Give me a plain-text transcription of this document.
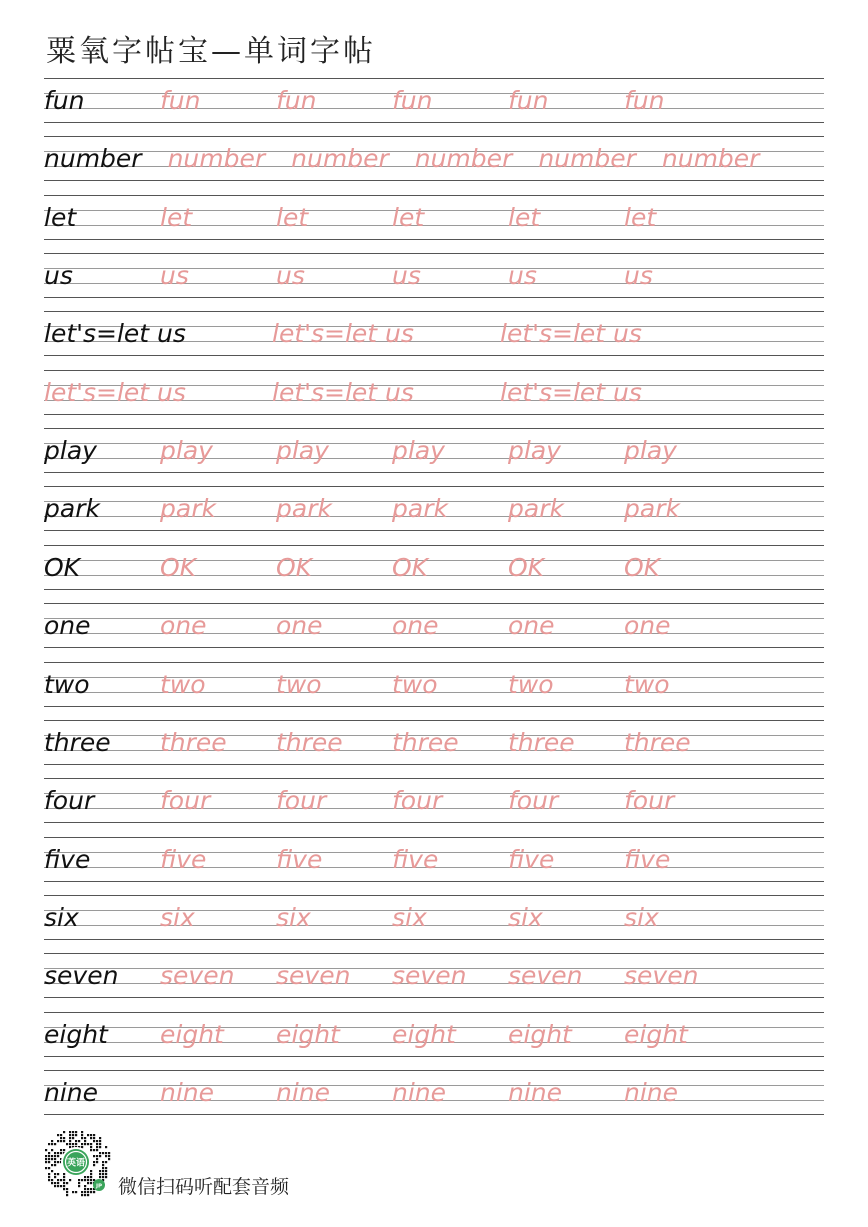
粟氧字帖宝—单词字帖
fun	fun	fun	fun	fun	fun
number number number number number number
let	let	let	let	let	let
us	us	us	us	us	us
let's=let us	let's=let us	let's=let us
let's=let us	let's=let us	let's=let us
play	play	play	play	play	play
park park park park park park
OK	OK	OK	OK	OK	OK
one	one	one	one	one	one
two	two	two	two	two	two
three three three three three three
four	four	four	four	four	four
five	five	five	five	five	five
six	six	six	six	six	six
seven seven seven seven seven seven
eight eight eight eight eight eight
nine nine nine nine nine nine
英语
JP 微信扫码听配套音频
